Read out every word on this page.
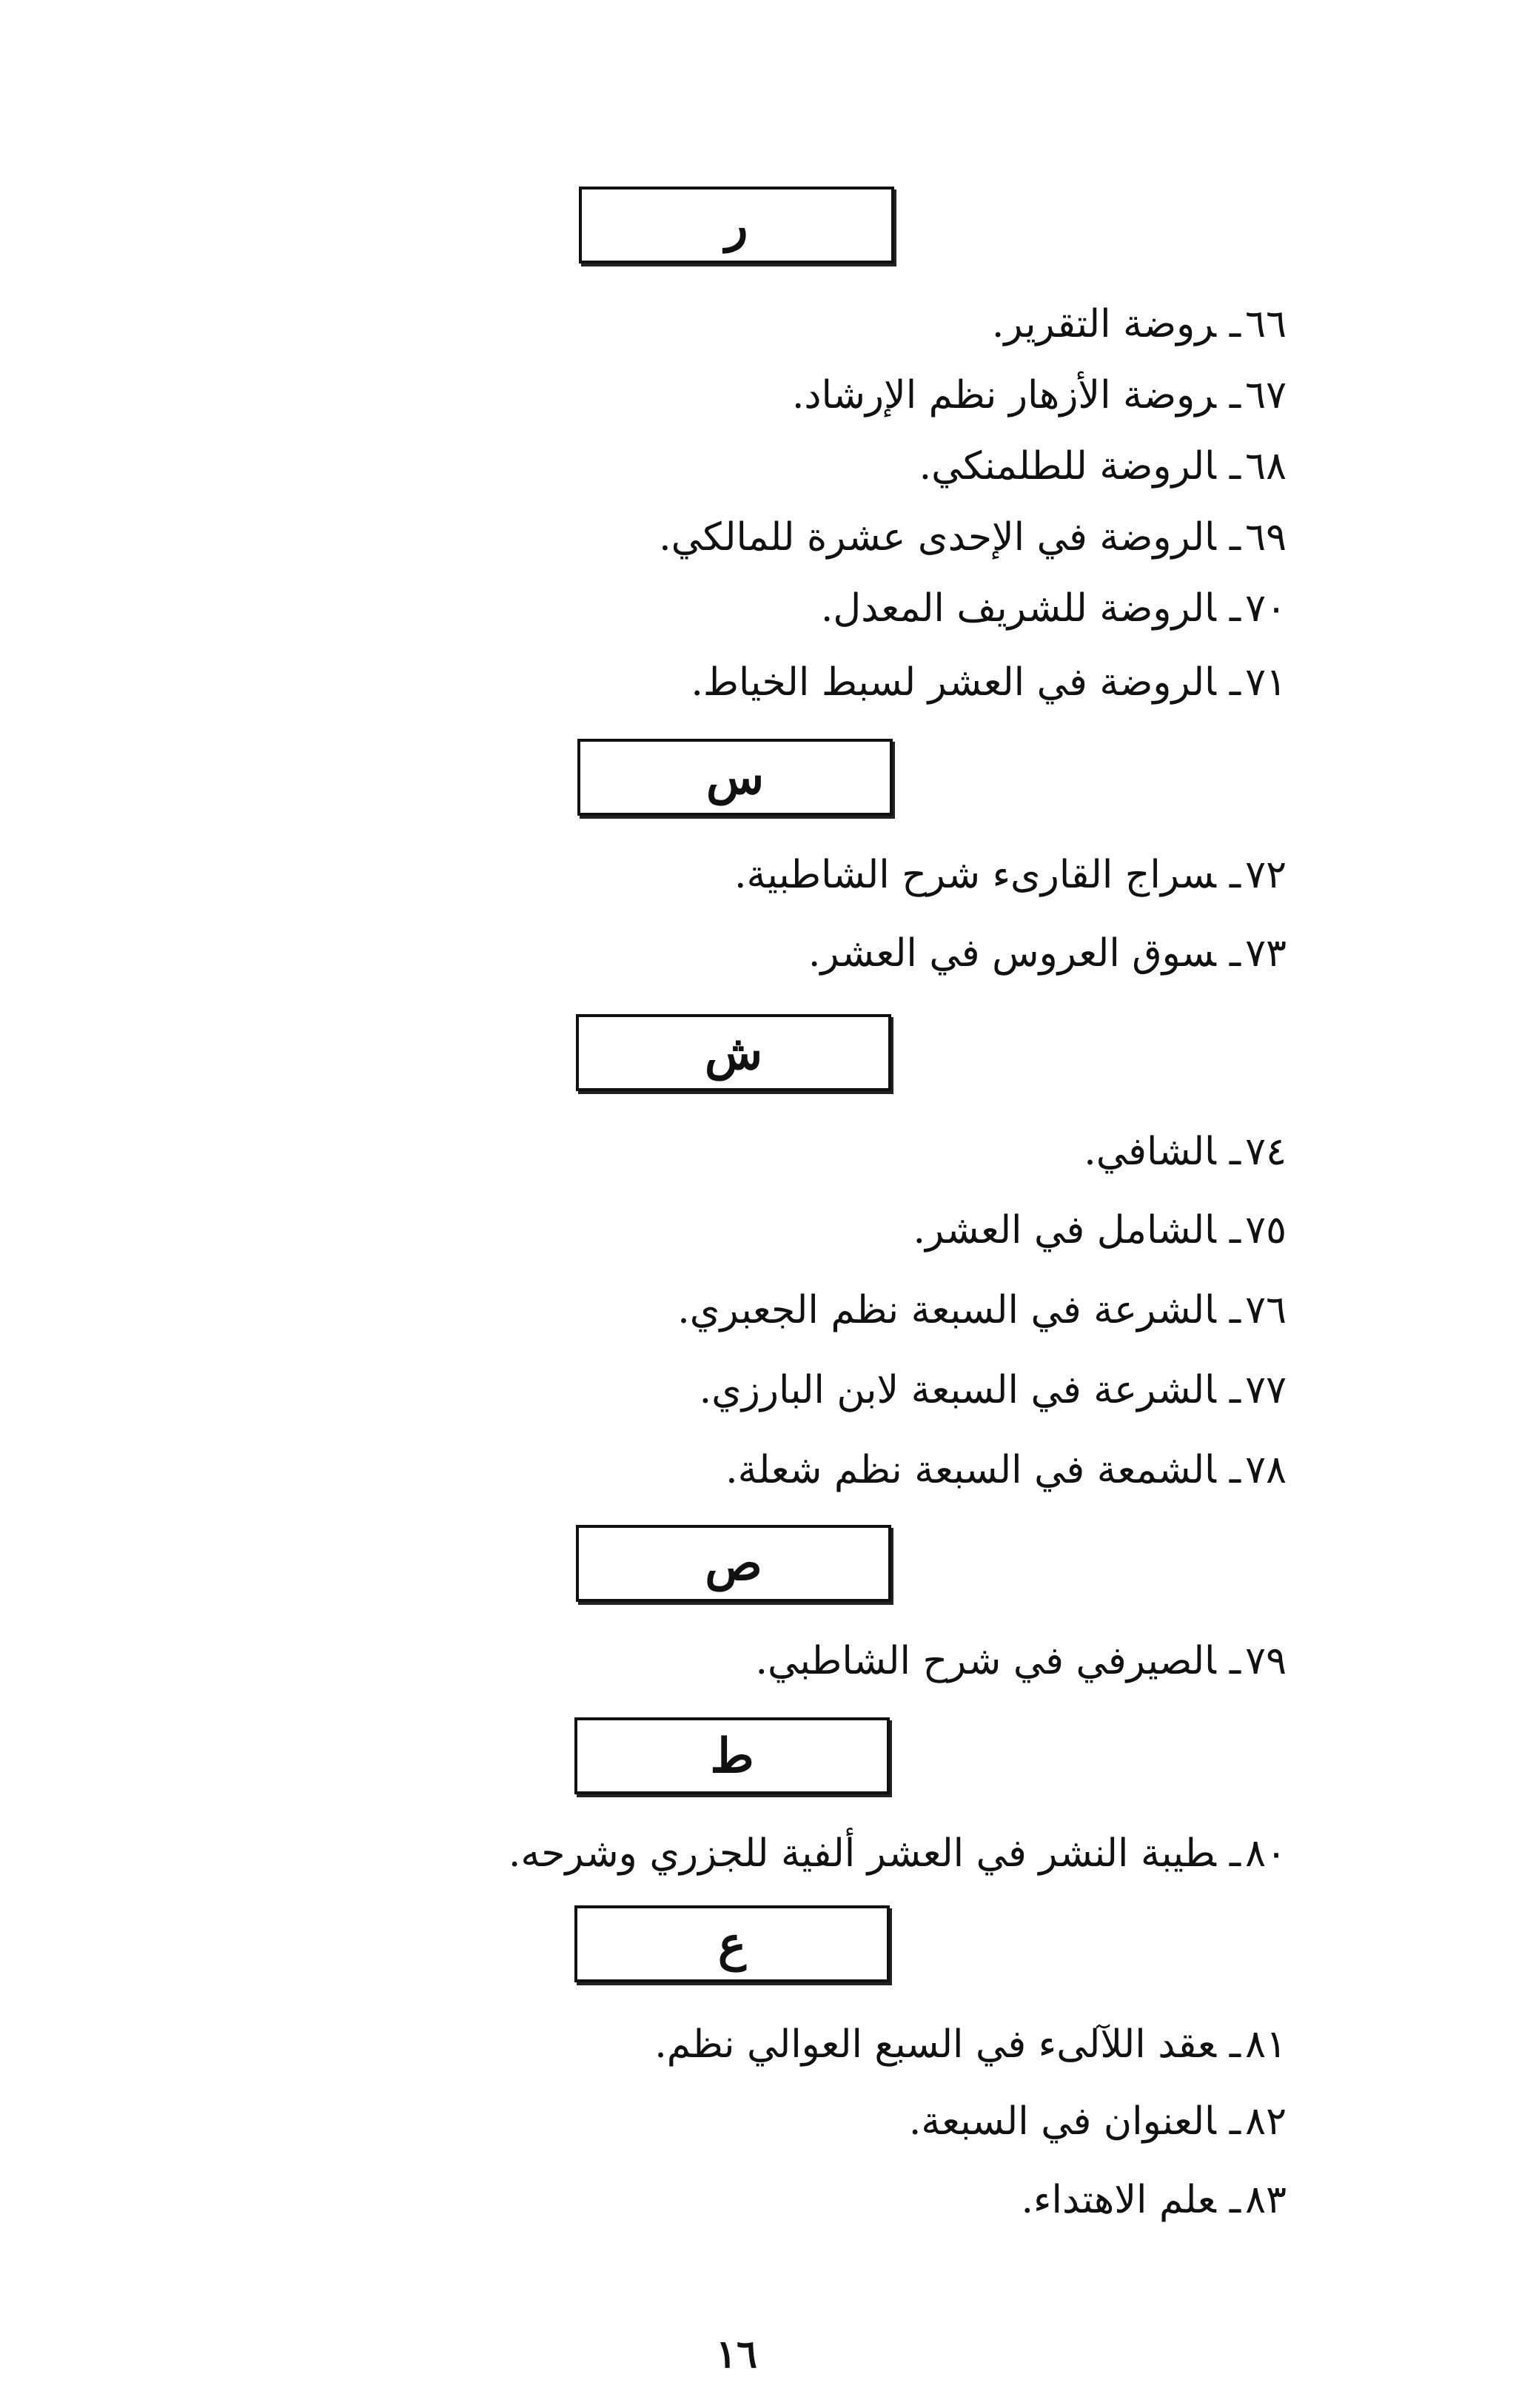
ر
٦٦ـروضة التقرير.
٦٧ـروضة الأزهار نظم الإرشاد.
٦٨ـالروضة للطلمنكي.
٦٩ـالروضة في الإحدى عشرة للمالكي.
٧٠ـالروضة للشريف المعدل.
٧١ـالروضة في العشر لسبط الخياط.
س
٧٢ـسراج القارىء شرح الشاطبية.
٧٣ـسوق العروس في العشر.
ش
٧٤ـالشافي.
٧٥ـالشامل في العشر.
٧٦ـالشرعة في السبعة نظم الجعبري.
٧٧ـالشرعة في السبعة لابن البارزي.
٧٨ـالشمعة في السبعة نظم شعلة.
ص
٧٩ـالصيرفي في شرح الشاطبي.
ط
٨٠ـطيبة النشر في العشر ألفية للجزري وشرحه.
ع
٨١ـعقد اللآلىء في السبع العوالي نظم.
٨٢ـالعنوان في السبعة.
٨٣ـعلم الاهتداء.
١٦
